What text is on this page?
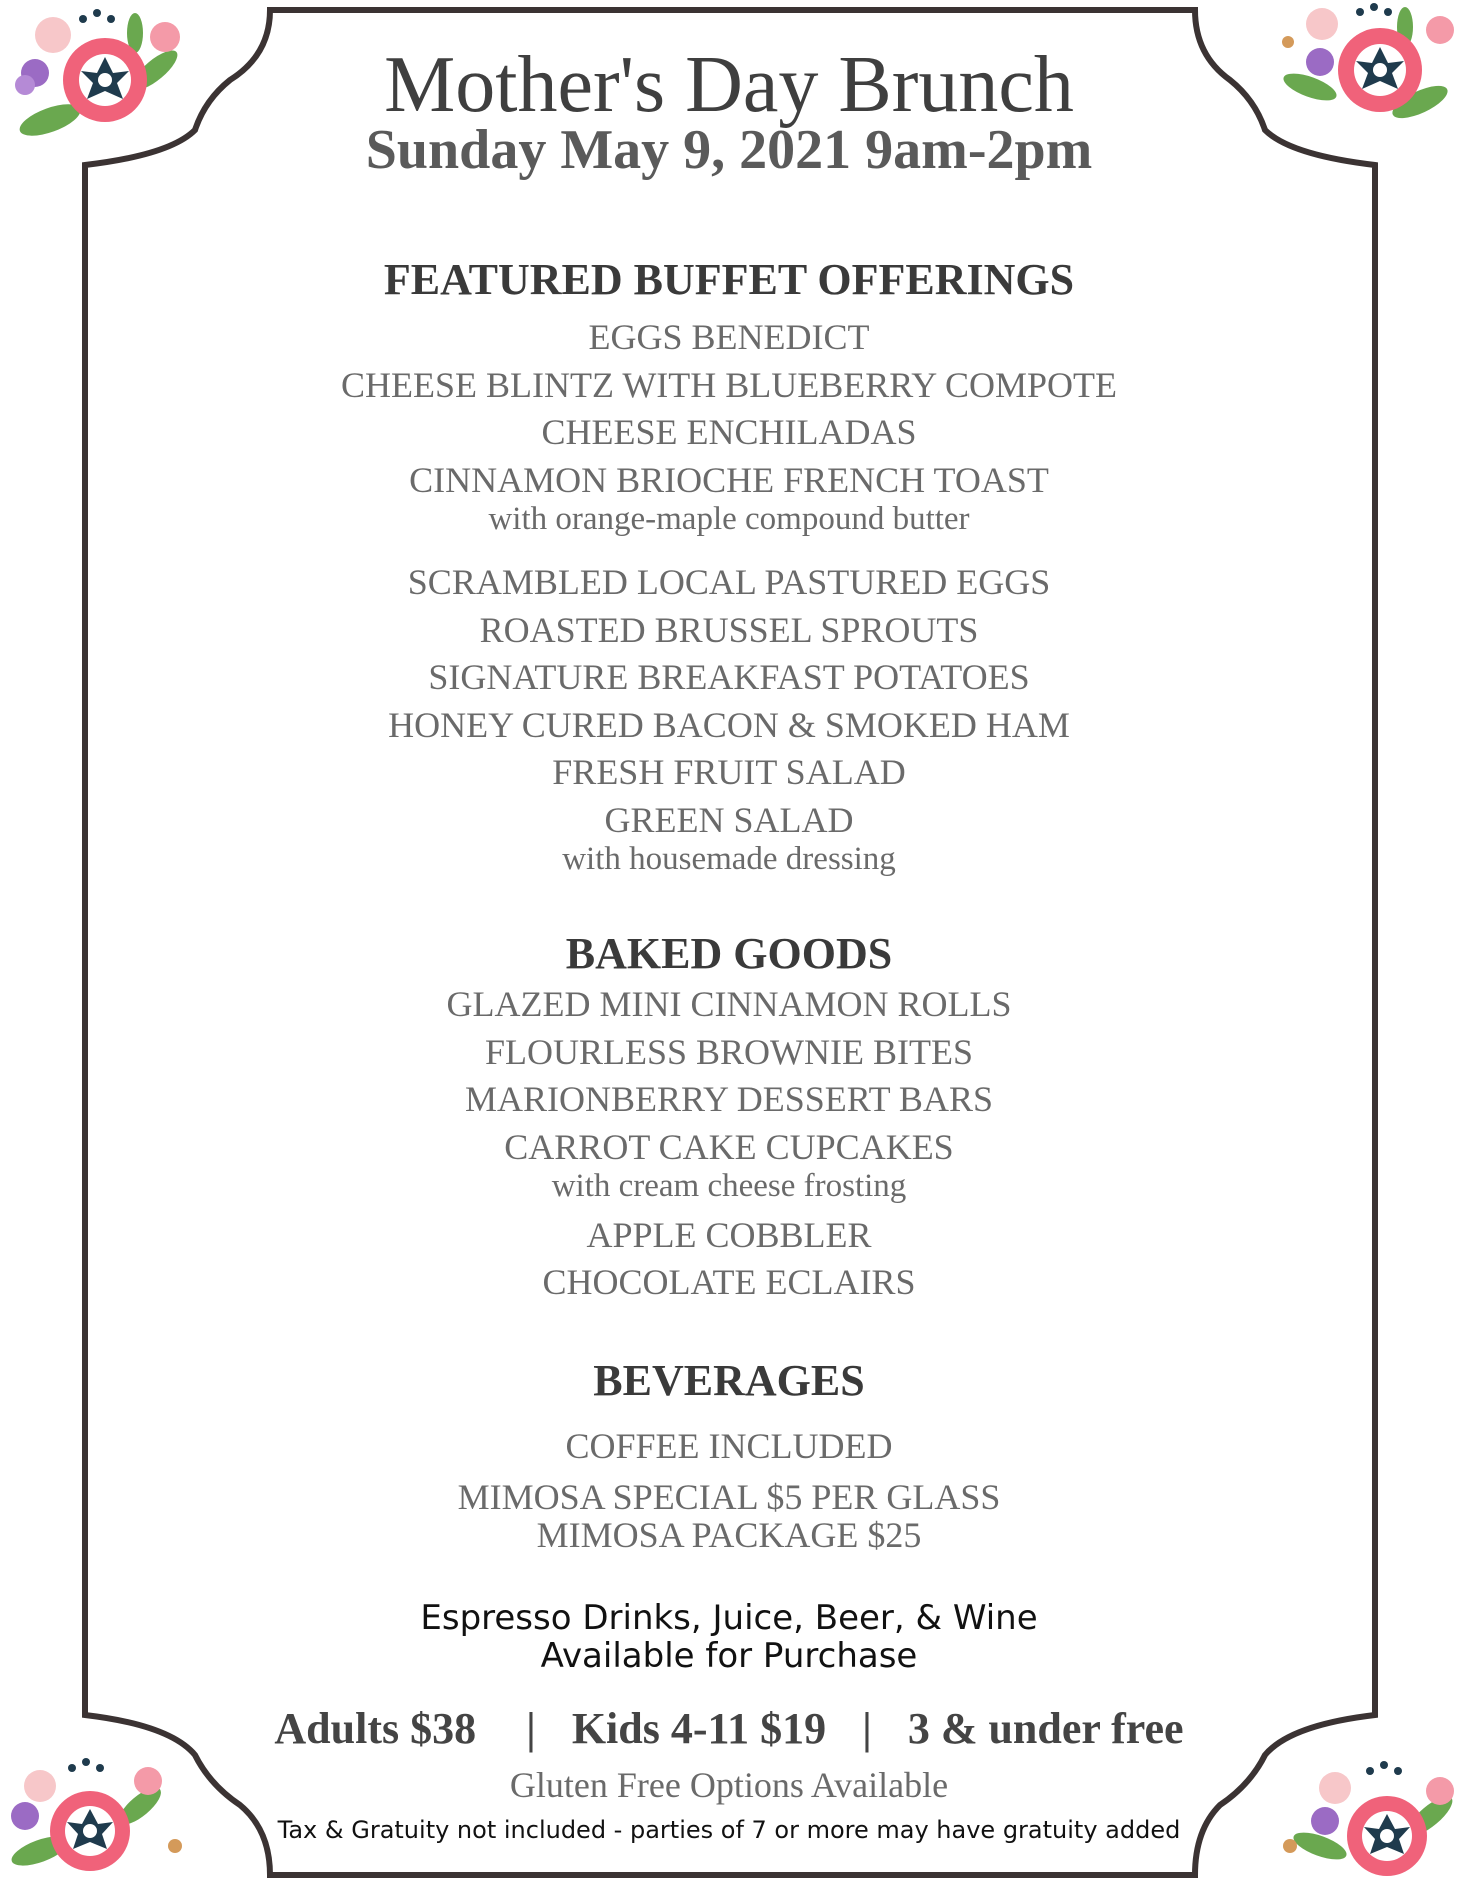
Mother's Day Brunch
Sunday May 9, 2021 9am-2pm
FEATURED BUFFET OFFERINGS
EGGS BENEDICT
CHEESE BLINTZ WITH BLUEBERRY COMPOTE
CHEESE ENCHILADAS
CINNAMON BRIOCHE FRENCH TOAST
with orange-maple compound butter
SCRAMBLED LOCAL PASTURED EGGS
ROASTED BRUSSEL SPROUTS
SIGNATURE BREAKFAST POTATOES
HONEY CURED BACON & SMOKED HAM
FRESH FRUIT SALAD
GREEN SALAD
with housemade dressing
BAKED GOODS
GLAZED MINI CINNAMON ROLLS
FLOURLESS BROWNIE BITES
MARIONBERRY DESSERT BARS
CARROT CAKE CUPCAKES
with cream cheese frosting
APPLE COBBLER
CHOCOLATE ECLAIRS
BEVERAGES
COFFEE INCLUDED
MIMOSA SPECIAL $5 PER GLASS
MIMOSA PACKAGE $25
Espresso Drinks, Juice, Beer, & Wine
Available for Purchase
Adults $38 | Kids 4-11 $19 | 3 & under free
Gluten Free Options Available
Tax & Gratuity not included - parties of 7 or more may have gratuity added
